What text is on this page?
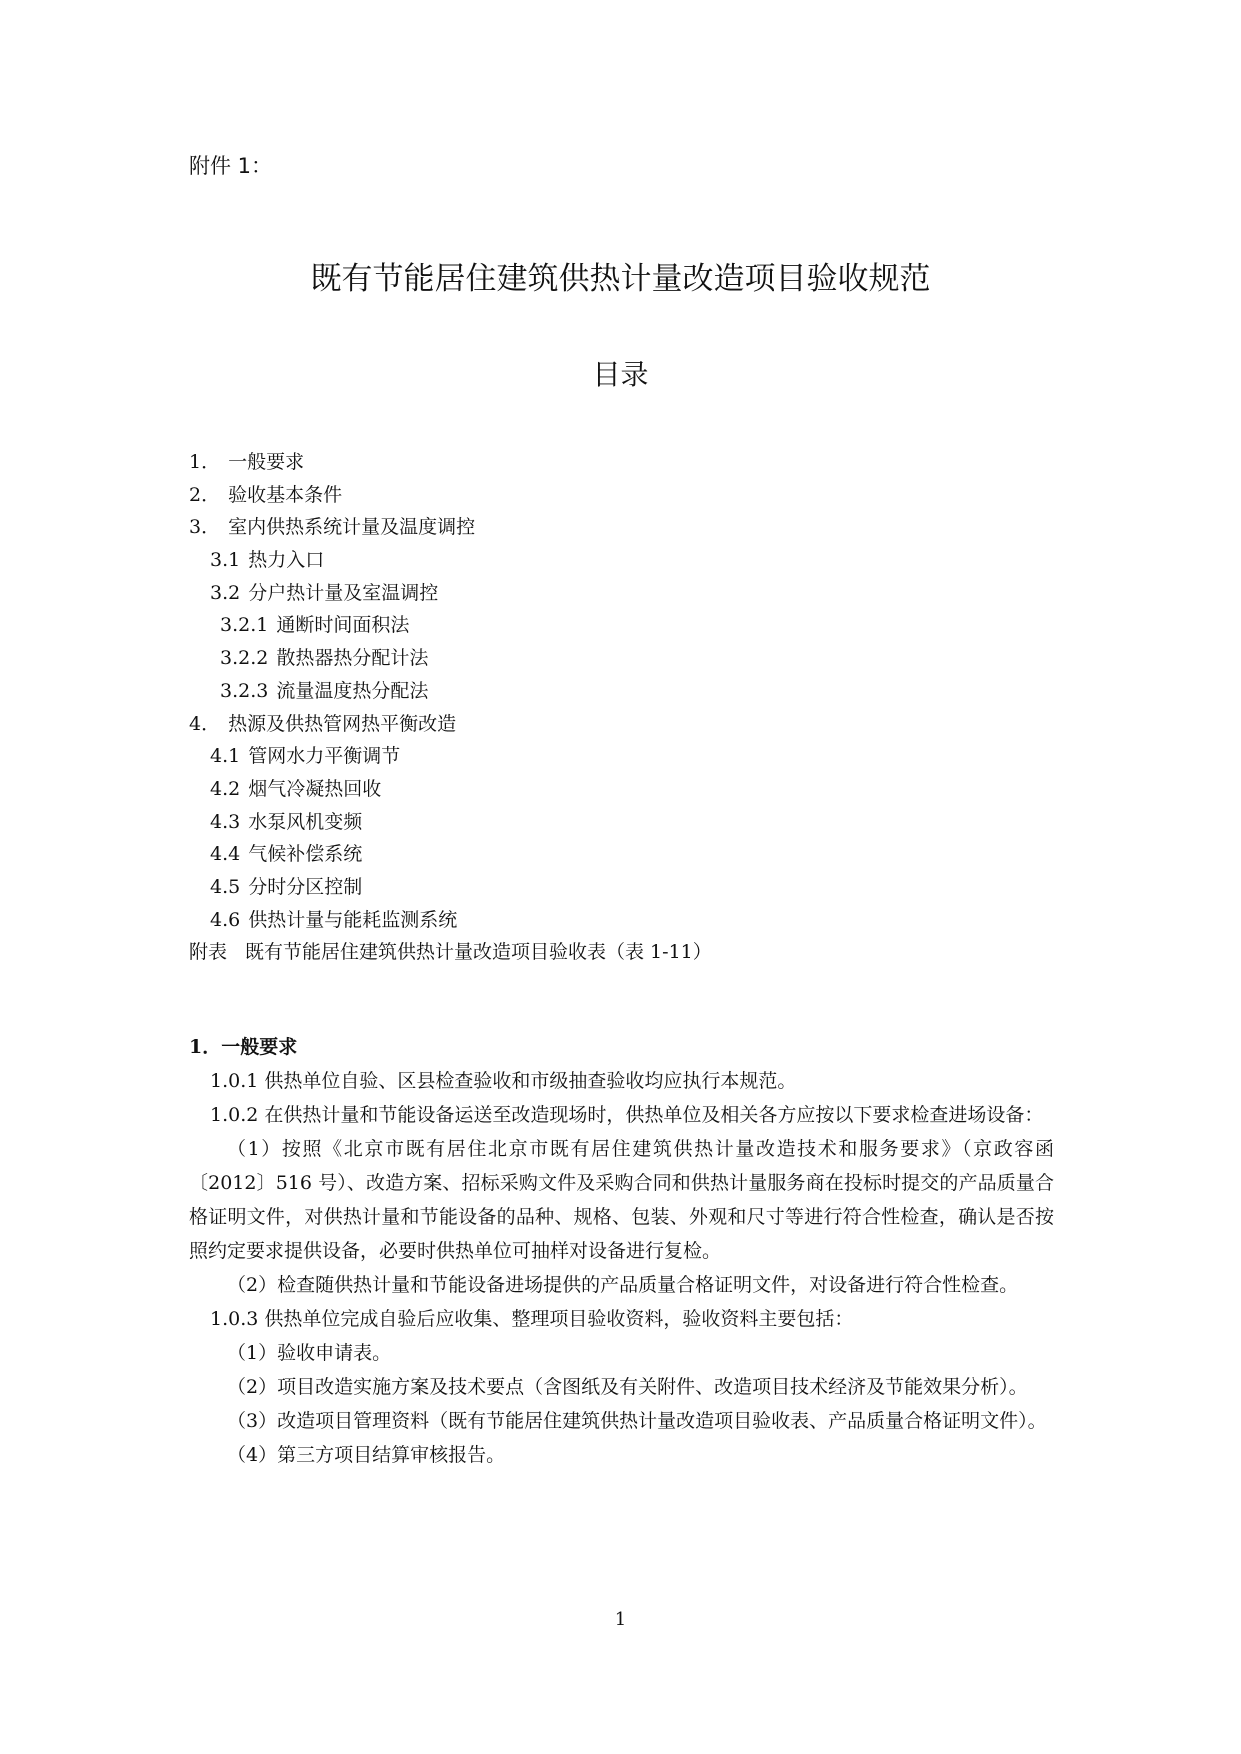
附件 1：
既有节能居住建筑供热计量改造项目验收规范
目录
1． 一般要求
2． 验收基本条件
3． 室内供热系统计量及温度调控
3.1 热力入口
3.2 分户热计量及室温调控
3.2.1 通断时间面积法
3.2.2 散热器热分配计法
3.2.3 流量温度热分配法
4． 热源及供热管网热平衡改造
4.1 管网水力平衡调节
4.2 烟气冷凝热回收
4.3 水泵风机变频
4.4 气候补偿系统
4.5 分时分区控制
4.6 供热计量与能耗监测系统
附表 既有节能居住建筑供热计量改造项目验收表（表 1-11）
1．一般要求

1.0.1 供热单位自验、区县检查验收和市级抽查验收均应执行本规范。

1.0.2 在供热计量和节能设备运送至改造现场时，供热单位及相关各方应按以下要求检查进场设备：

（1）按照《北京市既有居住北京市既有居住建筑供热计量改造技术和服务要求》（京政容函〔2012〕516 号）、改造方案、招标采购文件及采购合同和供热计量服务商在投标时提交的产品质量合格证明文件，对供热计量和节能设备的品种、规格、包装、外观和尺寸等进行符合性检查，确认是否按照约定要求提供设备，必要时供热单位可抽样对设备进行复检。

（2）检查随供热计量和节能设备进场提供的产品质量合格证明文件，对设备进行符合性检查。

1.0.3 供热单位完成自验后应收集、整理项目验收资料，验收资料主要包括：

（1）验收申请表。

（2）项目改造实施方案及技术要点（含图纸及有关附件、改造项目技术经济及节能效果分析）。

（3）改造项目管理资料（既有节能居住建筑供热计量改造项目验收表、产品质量合格证明文件）。

（4）第三方项目结算审核报告。

1
